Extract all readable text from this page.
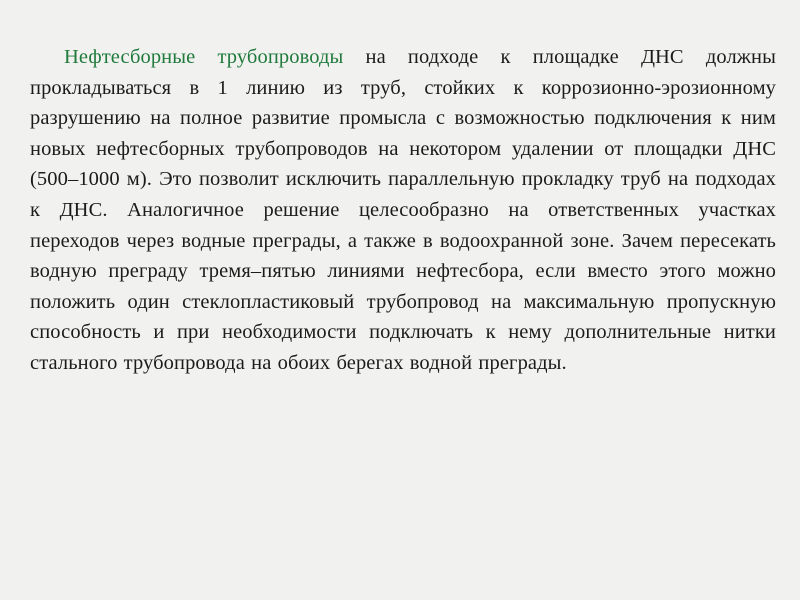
Нефтесборные трубопроводы на подходе к площадке ДНС должны прокладываться в 1 линию из труб, стойких к коррозионно-эрозионному разрушению на полное развитие промысла с возможностью подключения к ним новых нефтесборных трубопроводов на некотором удалении от площадки ДНС (500–1000 м). Это позволит исключить параллельную прокладку труб на подходах к ДНС. Аналогичное решение целесообразно на ответственных участках переходов через водные преграды, а также в водоохранной зоне. Зачем пересекать водную преграду тремя–пятью линиями нефтесбора, если вместо этого можно положить один стеклопластиковый трубопровод на максимальную пропускную способность и при необходимости подключать к нему дополнительные нитки стального трубопровода на обоих берегах водной преграды.
